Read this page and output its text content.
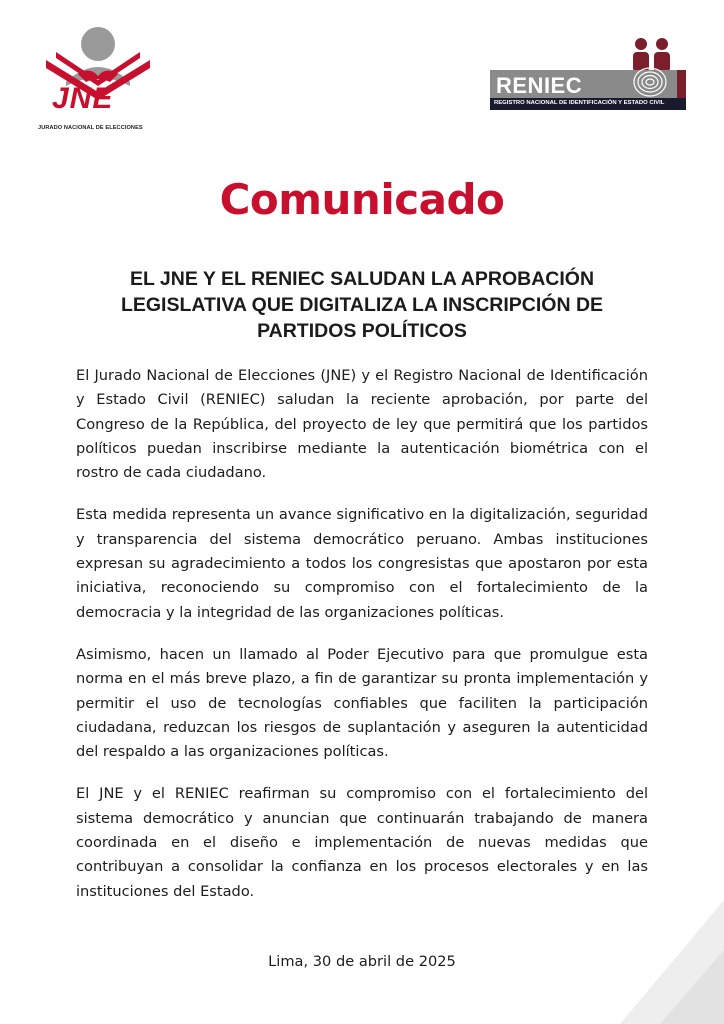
JNE
JURADO NACIONAL DE ELECCIONES
RENIEC
REGISTRO NACIONAL DE IDENTIFICACIÓN Y ESTADO CIVIL
Comunicado
EL JNE Y EL RENIEC SALUDAN LA APROBACIÓN LEGISLATIVA QUE DIGITALIZA LA INSCRIPCIÓN DE PARTIDOS POLÍTICOS

El Jurado Nacional de Elecciones (JNE) y el Registro Nacional de Identificación y Estado Civil (RENIEC) saludan la reciente aprobación, por parte del Congreso de la República, del proyecto de ley que permitirá que los partidos políticos puedan inscribirse mediante la autenticación biométrica con el rostro de cada ciudadano.

Esta medida representa un avance significativo en la digitalización, seguridad y transparencia del sistema democrático peruano. Ambas instituciones expresan su agradecimiento a todos los congresistas que apostaron por esta iniciativa, reconociendo su compromiso con el fortalecimiento de la democracia y la integridad de las organizaciones políticas.

Asimismo, hacen un llamado al Poder Ejecutivo para que promulgue esta norma en el más breve plazo, a fin de garantizar su pronta implementación y permitir el uso de tecnologías confiables que faciliten la participación ciudadana, reduzcan los riesgos de suplantación y aseguren la autenticidad del respaldo a las organizaciones políticas.

El JNE y el RENIEC reafirman su compromiso con el fortalecimiento del sistema democrático y anuncian que continuarán trabajando de manera coordinada en el diseño e implementación de nuevas medidas que contribuyan a consolidar la confianza en los procesos electorales y en las instituciones del Estado.

Lima, 30 de abril de 2025
